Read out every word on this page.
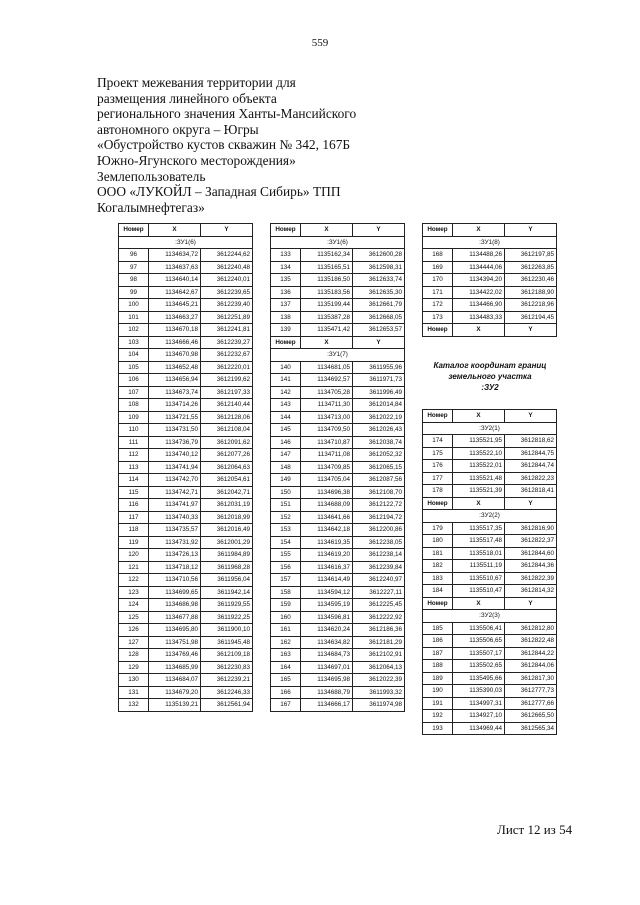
559
Проект межевания территории для
размещения линейного объекта
регионального значения Ханты-Мансийского
автономного округа – Югры
«Обустройство кустов скважин № 342, 167Б
Южно-Ягунского месторождения»
Землепользователь
ООО «ЛУКОЙЛ – Западная Сибирь» ТПП
Когалымнефтегаз»
Номер	X	Y
:ЗУ1(6)		
96	1134634,72	3612244,62
97	1134637,63	3612240,48
98	1134640,14	3612240,01
99	1134642,67	3612239,65
100	1134645,21	3612239,40
101	1134663,27	3612251,89
102	1134670,18	3612241,81
103	1134666,46	3612239,27
104	1134670,98	3612232,67
105	1134652,48	3612220,01
106	1134656,94	3612199,62
107	1134673,74	3612197,33
108	1134714,26	3612140,44
109	1134721,55	3612128,06
110	1134731,50	3612108,04
111	1134736,79	3612091,62
112	1134740,12	3612077,26
113	1134741,94	3612064,63
114	1134742,70	3612054,61
115	1134742,71	3612042,71
116	1134741,97	3612031,19
117	1134740,33	3612018,99
118	1134735,57	3612016,49
119	1134731,92	3612001,29
120	1134726,13	3611984,89
121	1134718,12	3611968,28
122	1134710,56	3611956,04
123	1134699,65	3611942,14
124	1134686,98	3611929,55
125	1134677,88	3611922,25
126	1134695,80	3611900,10
127	1134751,98	3611945,48
128	1134769,46	3612109,18
129	1134685,99	3612230,83
130	1134684,07	3612239,21
131	1134679,20	3612246,33
132	1135139,21	3612561,94
Номер	X	Y
:ЗУ1(6)		
133	1135162,34	3612600,28
134	1135165,51	3612598,31
135	1135186,50	3612633,74
136	1135183,56	3612635,30
137	1135199,44	3612661,79
138	1135387,28	3612668,05
139	1135471,42	3612653,57
Номер	X	Y
:ЗУ1(7)		
140	1134681,05	3611955,96
141	1134692,57	3611971,73
142	1134705,28	3611996,49
143	1134711,30	3612014,84
144	1134713,00	3612022,19
145	1134709,50	3612026,43
146	1134710,87	3612038,74
147	1134711,08	3612052,32
148	1134709,85	3612065,15
149	1134705,04	3612087,56
150	1134696,38	3612108,70
151	1134688,09	3612122,72
152	1134641,66	3612194,72
153	1134642,18	3612200,86
154	1134619,35	3612238,05
155	1134619,20	3612238,14
156	1134616,37	3612239,84
157	1134614,49	3612240,97
158	1134594,12	3612227,11
159	1134595,19	3612225,45
160	1134596,81	3612222,92
161	1134620,24	3612186,36
162	1134634,82	3612181,29
163	1134684,73	3612102,91
164	1134697,01	3612064,13
165	1134695,98	3612022,39
166	1134688,79	3611993,32
167	1134666,17	3611974,98
Номер	X	Y
:ЗУ1(8)		
168	1134488,26	3612197,85
169	1134444,06	3612263,85
170	1134394,20	3612230,46
171	1134422,02	3612188,90
172	1134466,90	3612218,96
173	1134483,33	3612194,45
Номер	X	Y
Каталог координат границ
земельного участка
:ЗУ2
Номер	X	Y
:ЗУ2(1)		
174	1135521,95	3612818,62
175	1135522,10	3612844,75
176	1135522,01	3612844,74
177	1135521,48	3612822,23
178	1135521,39	3612818,41
Номер	X	Y
:ЗУ2(2)		
179	1135517,35	3612816,90
180	1135517,48	3612822,37
181	1135518,01	3612844,60
182	1135511,19	3612844,36
183	1135510,67	3612822,39
184	1135510,47	3612814,32
Номер	X	Y
:ЗУ2(3)		
185	1135506,41	3612812,80
186	1135506,65	3612822,48
187	1135507,17	3612844,22
188	1135502,65	3612844,06
189	1135495,66	3612817,30
190	1135390,03	3612777,73
191	1134997,31	3612777,66
192	1134927,10	3612665,50
193	1134969,44	3612565,34
Лист 12 из 54
